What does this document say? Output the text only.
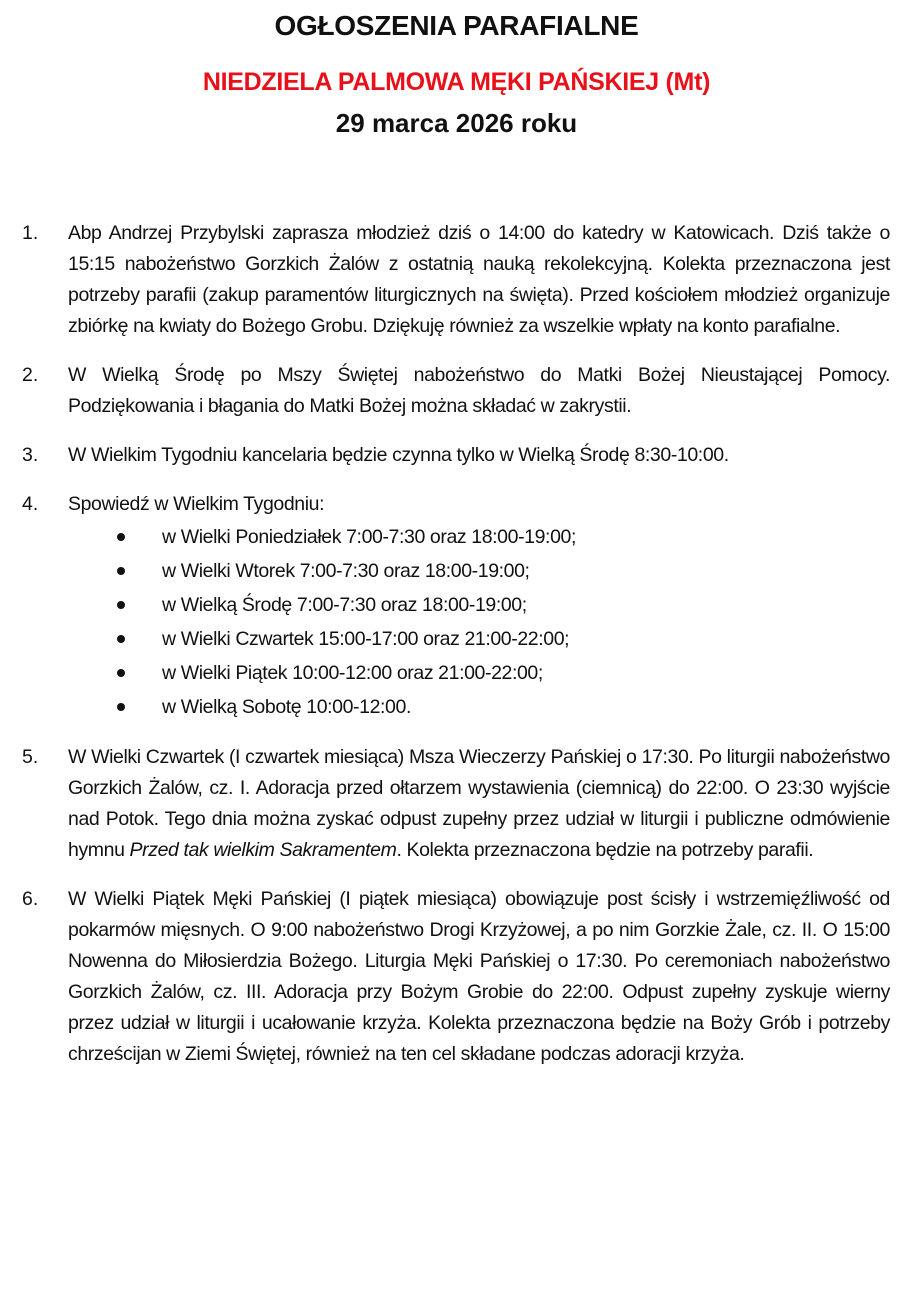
OGŁOSZENIA PARAFIALNE
NIEDZIELA PALMOWA MĘKI PAŃSKIEJ (Mt)
29 marca 2026 roku
1. Abp Andrzej Przybylski zaprasza młodzież dziś o 14:00 do katedry w Katowicach. Dziś także o 15:15 nabożeństwo Gorzkich Żalów z ostatnią nauką rekolekcyjną. Kolekta przeznaczona jest potrzeby parafii (zakup paramentów liturgicznych na święta). Przed kościołem młodzież organizuje zbiórkę na kwiaty do Bożego Grobu. Dziękuję również za wszelkie wpłaty na konto parafialne.
2. W Wielką Środę po Mszy Świętej nabożeństwo do Matki Bożej Nieustającej Pomocy. Podziękowania i błagania do Matki Bożej można składać w zakrystii.
3. W Wielkim Tygodniu kancelaria będzie czynna tylko w Wielką Środę 8:30-10:00.
4. Spowiedź w Wielkim Tygodniu:
w Wielki Poniedziałek 7:00-7:30 oraz 18:00-19:00;
w Wielki Wtorek 7:00-7:30 oraz 18:00-19:00;
w Wielką Środę 7:00-7:30 oraz 18:00-19:00;
w Wielki Czwartek 15:00-17:00 oraz 21:00-22:00;
w Wielki Piątek 10:00-12:00 oraz 21:00-22:00;
w Wielką Sobotę 10:00-12:00.
5. W Wielki Czwartek (I czwartek miesiąca) Msza Wieczerzy Pańskiej o 17:30. Po liturgii nabożeństwo Gorzkich Żalów, cz. I. Adoracja przed ołtarzem wystawienia (ciemnicą) do 22:00. O 23:30 wyjście nad Potok. Tego dnia można zyskać odpust zupełny przez udział w liturgii i publiczne odmówienie hymnu Przed tak wielkim Sakramentem. Kolekta przeznaczona będzie na potrzeby parafii.
6. W Wielki Piątek Męki Pańskiej (I piątek miesiąca) obowiązuje post ścisły i wstrzemięźliwość od pokarmów mięsnych. O 9:00 nabożeństwo Drogi Krzyżowej, a po nim Gorzkie Żale, cz. II. O 15:00 Nowenna do Miłosierdzia Bożego. Liturgia Męki Pańskiej o 17:30. Po ceremoniach nabożeństwo Gorzkich Żalów, cz. III. Adoracja przy Bożym Grobie do 22:00. Odpust zupełny zyskuje wierny przez udział w liturgii i ucałowanie krzyża. Kolekta przeznaczona będzie na Boży Grób i potrzeby chrześcijan w Ziemi Świętej, również na ten cel składane podczas adoracji krzyża.
